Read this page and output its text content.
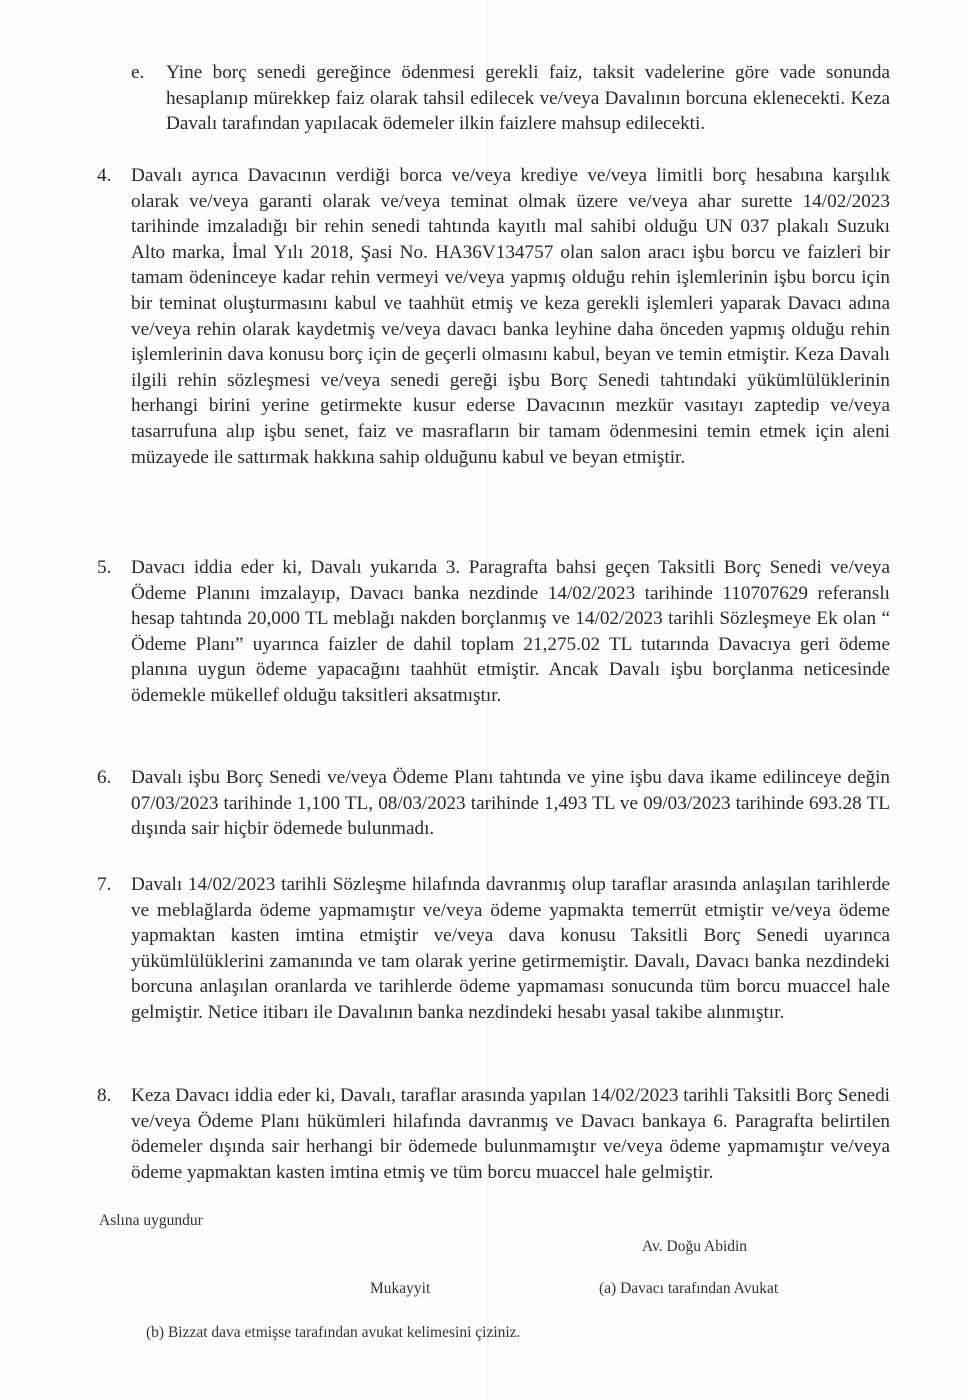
e. Yine borç senedi gereğince ödenmesi gerekli faiz, taksit vadelerine göre vade sonunda hesaplanıp mürekkep faiz olarak tahsil edilecek ve/veya Davalının borcuna eklenecekti. Keza Davalı tarafından yapılacak ödemeler ilkin faizlere mahsup edilecekti.
4. Davalı ayrıca Davacının verdiği borca ve/veya krediye ve/veya limitli borç hesabına karşılık olarak ve/veya garanti olarak ve/veya teminat olmak üzere ve/veya ahar surette 14/02/2023 tarihinde imzaladığı bir rehin senedi tahtında kayıtlı mal sahibi olduğu UN 037 plakalı Suzukı Alto marka, İmal Yılı 2018, Şasi No. HA36V134757 olan salon aracı işbu borcu ve faizleri bir tamam ödeninceye kadar rehin vermeyi ve/veya yapmış olduğu rehin işlemlerinin işbu borcu için bir teminat oluşturmasını kabul ve taahhüt etmiş ve keza gerekli işlemleri yaparak Davacı adına ve/veya rehin olarak kaydetmiş ve/veya davacı banka leyhine daha önceden yapmış olduğu rehin işlemlerinin dava konusu borç için de geçerli olmasını kabul, beyan ve temin etmiştir. Keza Davalı ilgili rehin sözleşmesi ve/veya senedi gereği işbu Borç Senedi tahtındaki yükümlülüklerinin herhangi birini yerine getirmekte kusur ederse Davacının mezkür vasıtayı zaptedip ve/veya tasarrufuna alıp işbu senet, faiz ve masrafların bir tamam ödenmesini temin etmek için aleni müzayede ile sattırmak hakkına sahip olduğunu kabul ve beyan etmiştir.
5. Davacı iddia eder ki, Davalı yukarıda 3. Paragrafta bahsi geçen Taksitli Borç Senedi ve/veya Ödeme Planını imzalayıp, Davacı banka nezdinde 14/02/2023 tarihinde 110707629 referanslı hesap tahtında 20,000 TL meblağı nakden borçlanmış ve 14/02/2023 tarihli Sözleşmeye Ek olan “ Ödeme Planı” uyarınca faizler de dahil toplam 21,275.02 TL tutarında Davacıya geri ödeme planına uygun ödeme yapacağını taahhüt etmiştir. Ancak Davalı işbu borçlanma neticesinde ödemekle mükellef olduğu taksitleri aksatmıştır.
6. Davalı işbu Borç Senedi ve/veya Ödeme Planı tahtında ve yine işbu dava ikame edilinceye değin 07/03/2023 tarihinde 1,100 TL, 08/03/2023 tarihinde 1,493 TL ve 09/03/2023 tarihinde 693.28 TL dışında sair hiçbir ödemede bulunmadı.
7. Davalı 14/02/2023 tarihli Sözleşme hilafında davranmış olup taraflar arasında anlaşılan tarihlerde ve meblağlarda ödeme yapmamıştır ve/veya ödeme yapmakta temerrüt etmiştir ve/veya ödeme yapmaktan kasten imtina etmiştir ve/veya dava konusu Taksitli Borç Senedi uyarınca yükümlülüklerini zamanında ve tam olarak yerine getirmemiştir. Davalı, Davacı banka nezdindeki borcuna anlaşılan oranlarda ve tarihlerde ödeme yapmaması sonucunda tüm borcu muaccel hale gelmiştir. Netice itibarı ile Davalının banka nezdindeki hesabı yasal takibe alınmıştır.
8. Keza Davacı iddia eder ki, Davalı, taraflar arasında yapılan 14/02/2023 tarihli Taksitli Borç Senedi ve/veya Ödeme Planı hükümleri hilafında davranmış ve Davacı bankaya 6. Paragrafta belirtilen ödemeler dışında sair herhangi bir ödemede bulunmamıştır ve/veya ödeme yapmamıştır ve/veya ödeme yapmaktan kasten imtina etmiş ve tüm borcu muaccel hale gelmiştir.
Aslına uygundur
Av. Doğu Abidin
Mukayyit	(a) Davacı tarafından Avukat
(b) Bizzat dava etmişse tarafından avukat kelimesini çiziniz.
